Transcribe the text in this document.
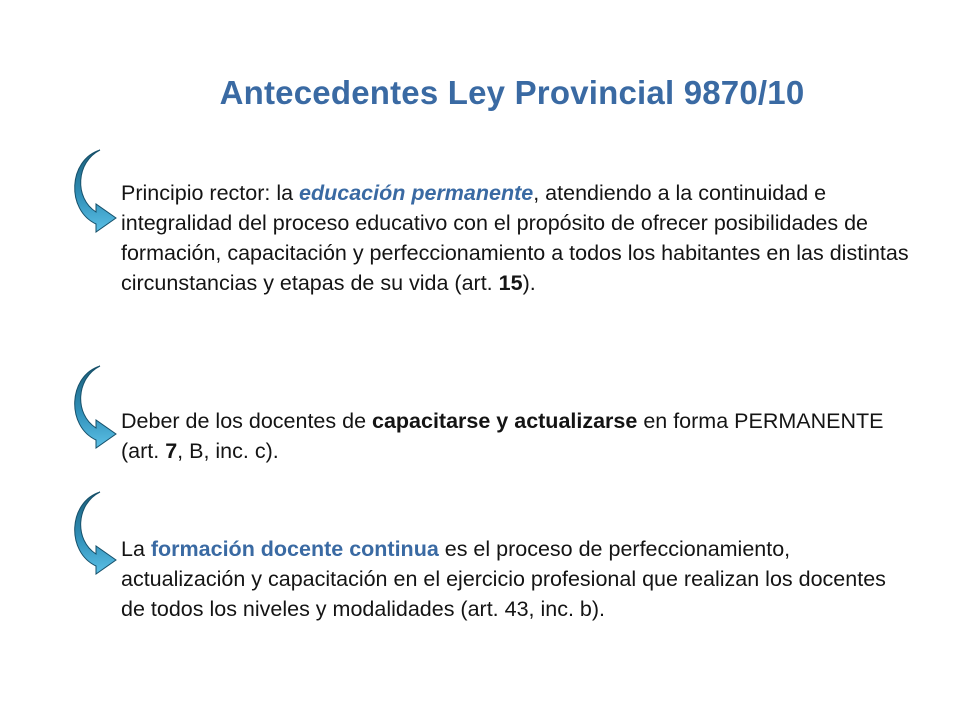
Antecedentes Ley Provincial 9870/10
Principio rector: la educación permanente, atendiendo a la continuidad e integralidad del proceso educativo con el propósito de ofrecer posibilidades de formación, capacitación y perfeccionamiento a todos los habitantes en las distintas circunstancias y etapas de su vida (art. 15).
Deber de los docentes de capacitarse y actualizarse en forma PERMANENTE (art. 7, B, inc. c).
La formación docente continua es el proceso de perfeccionamiento, actualización y capacitación en el ejercicio profesional que realizan los docentes de todos los niveles y modalidades (art. 43, inc. b).
